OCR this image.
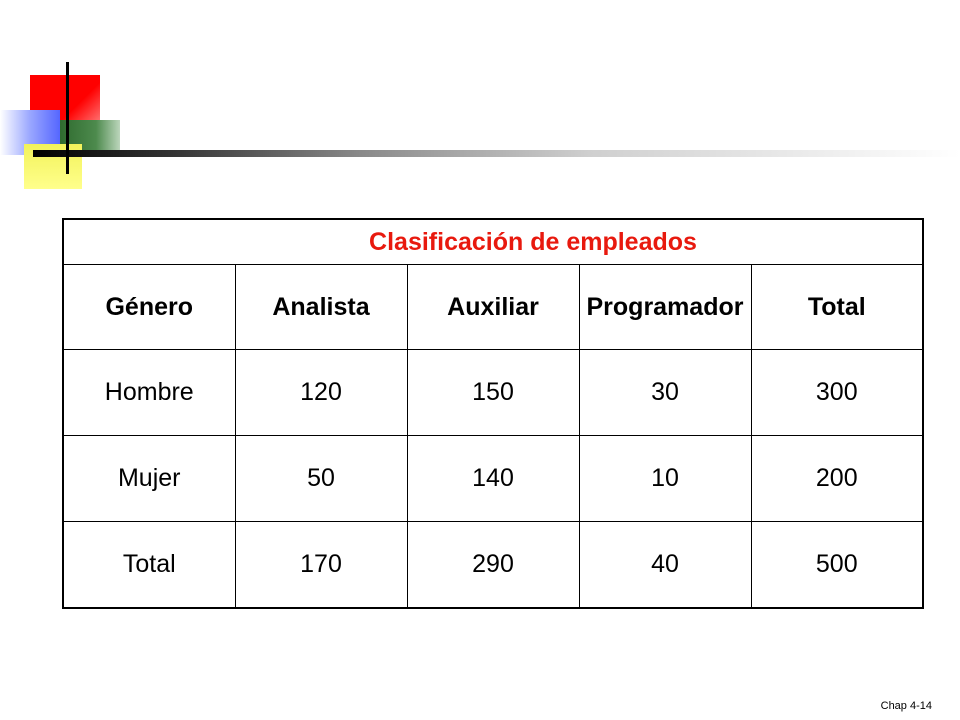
Clasificación de empleados				
Género	Analista	Auxiliar	Programador	Total
Hombre	120	150	30	300
Mujer	50	140	10	200
Total	170	290	40	500
Chap 4-14
